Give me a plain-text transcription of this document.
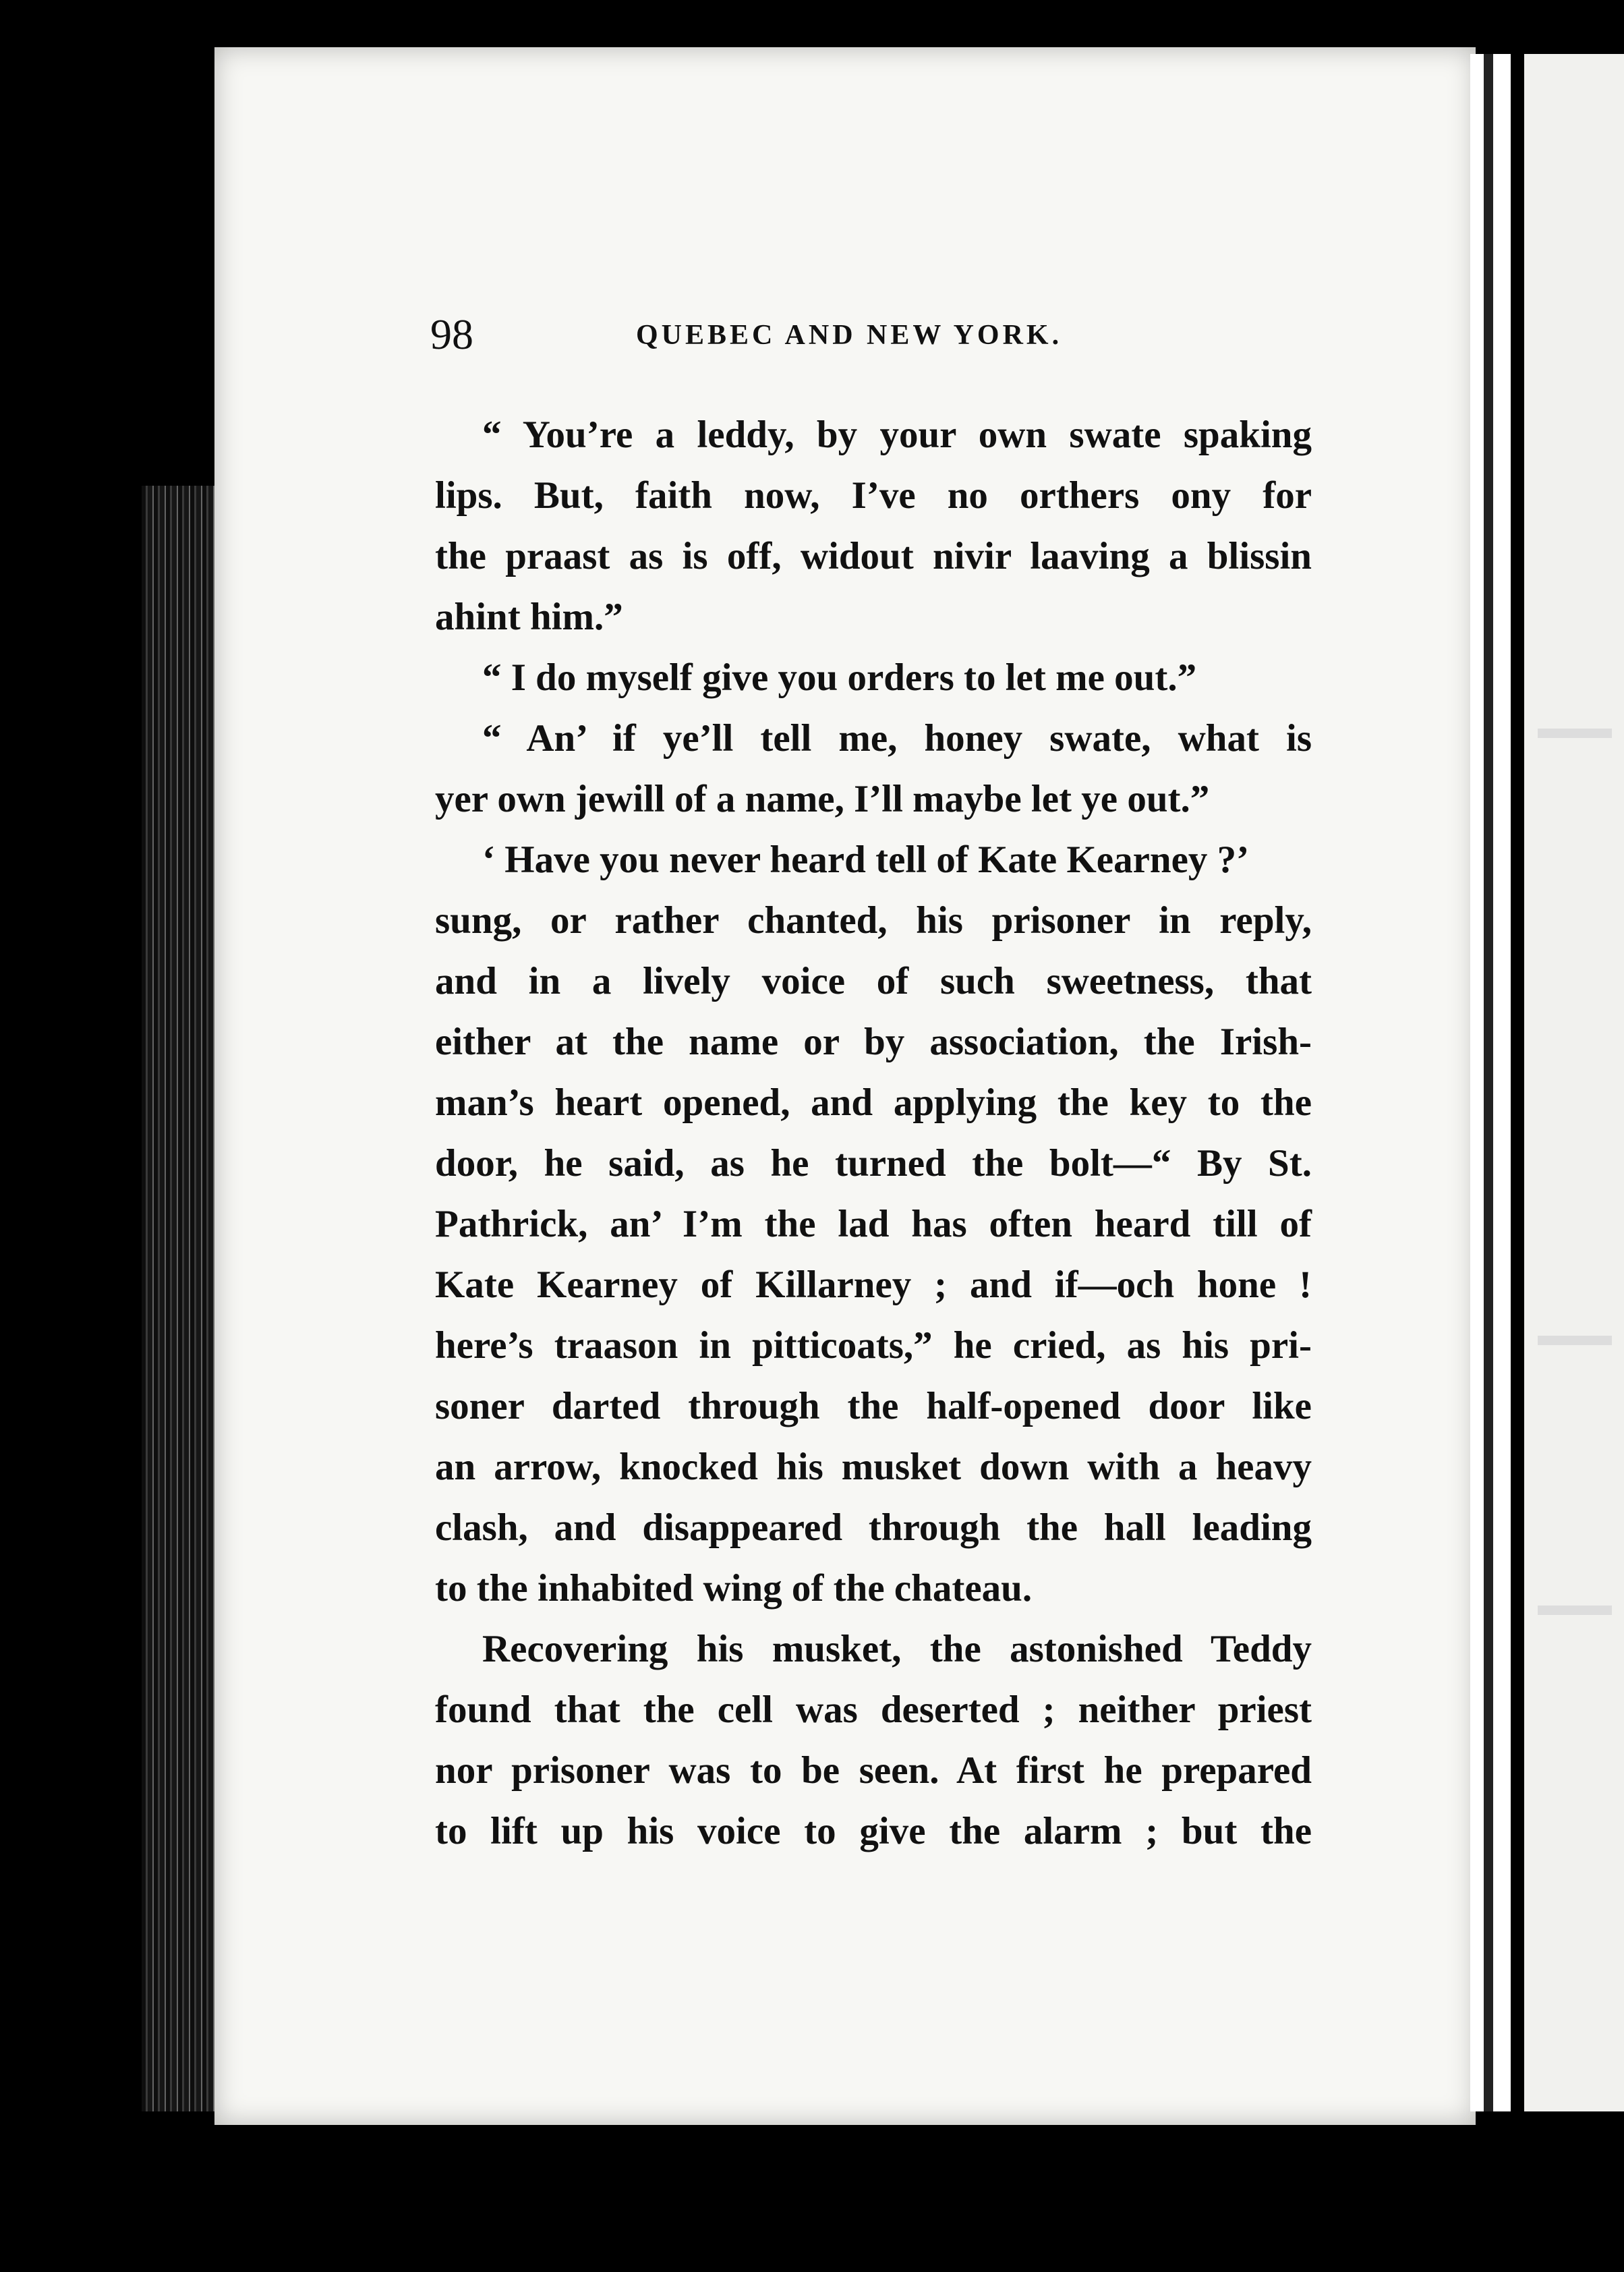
98	QUEBEC AND NEW YORK.
“ You’re a leddy, by your own swate spaking
lips. But, faith now, I’ve no orthers ony for
the praast as is off, widout nivir laaving a blissin
ahint him.”
“ I do myself give you orders to let me out.”
“ An’ if ye’ll tell me, honey swate, what is
yer own jewill of a name, I’ll maybe let ye out.”
‘ Have you never heard tell of Kate Kearney ?’
sung, or rather chanted, his prisoner in reply,
and in a lively voice of such sweetness, that
either at the name or by association, the Irish-
man’s heart opened, and applying the key to the
door, he said, as he turned the bolt—“ By St.
Pathrick, an’ I’m the lad has often heard till of
Kate Kearney of Killarney ; and if—och hone !
here’s traason in pitticoats,” he cried, as his pri-
soner darted through the half-opened door like
an arrow, knocked his musket down with a heavy
clash, and disappeared through the hall leading
to the inhabited wing of the chateau.
Recovering his musket, the astonished Teddy
found that the cell was deserted ; neither priest
nor prisoner was to be seen. At first he prepared
to lift up his voice to give the alarm ; but the
